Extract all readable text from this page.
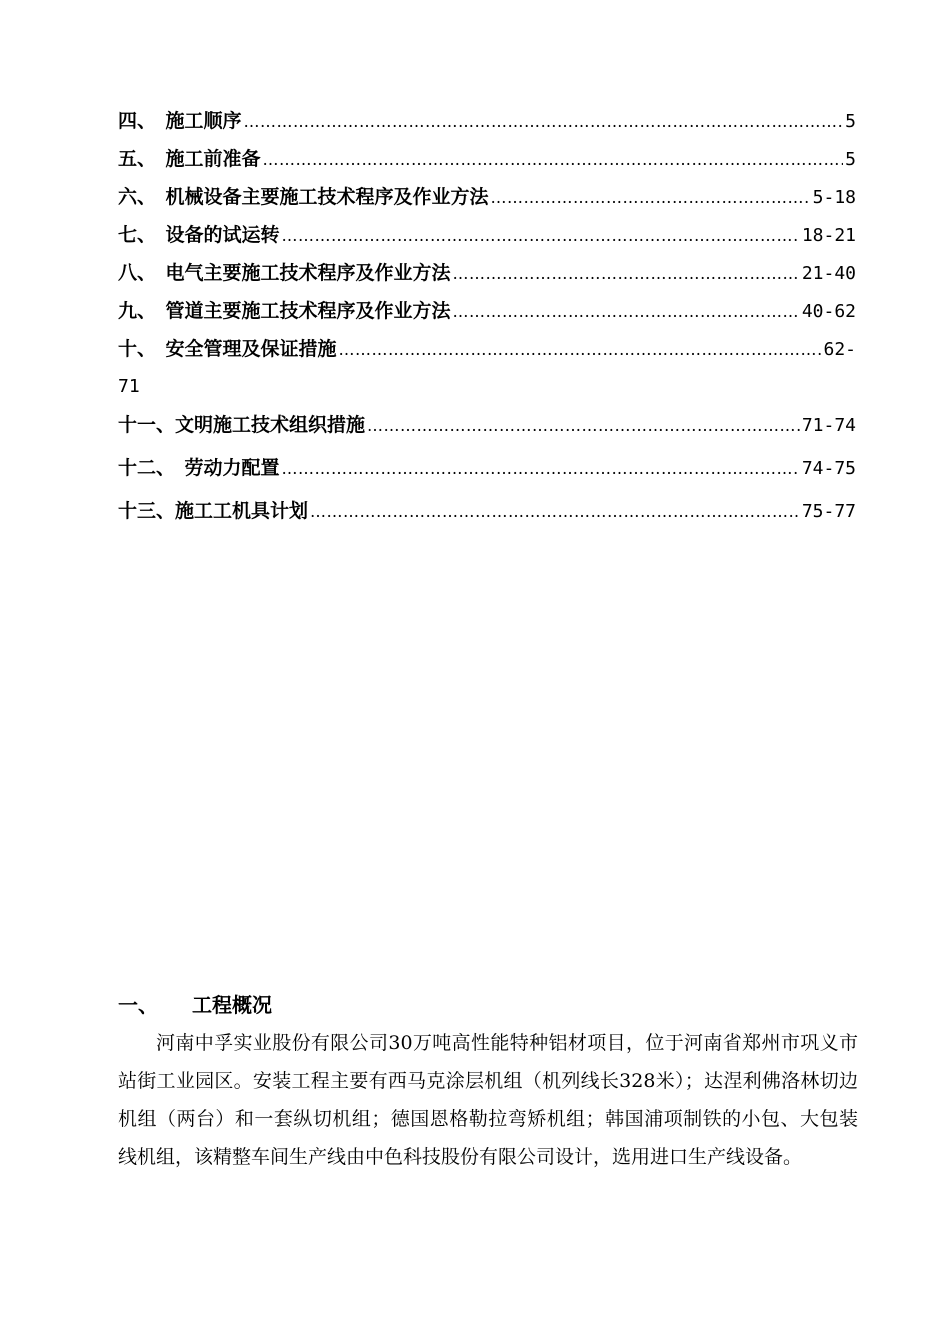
四、　 施工顺序 …………………………………………………………………………………………………………………………………………………………………………………………………	5
五、　 施工前准备 …………………………………………………………………………………………………………………………………………………………………………………………………	5
六、　 机械设备主要施工技术程序及作业方法 …………………………………………………………………………………………………………………………………………………………………………………………………	5-18
七、　 设备的试运转 …………………………………………………………………………………………………………………………………………………………………………………………………	18-21
八、　 电气主要施工技术程序及作业方法 …………………………………………………………………………………………………………………………………………………………………………………………………	21-40
九、　 管道主要施工技术程序及作业方法 …………………………………………………………………………………………………………………………………………………………………………………………………	40-62
十、　 安全管理及保证措施 …………………………………………………………………………………………………………………………………………………………………………………………………	62-
71
十一、 文明施工技术组织措施 …………………………………………………………………………………………………………………………………………………………………………………………………	71-74
十二、　 劳动力配置 …………………………………………………………………………………………………………………………………………………………………………………………………	74-75
十三、 施工工机具计划 …………………………………………………………………………………………………………………………………………………………………………………………………	75-77
一、 工程概况

河南中孚实业股份有限公司30万吨高性能特种铝材项目，位于河南省郑州市巩义市站街工业园区。安装工程主要有西马克涂层机组（机列线长328米）；达涅利佛洛林切边机组（两台）和一套纵切机组；德国恩格勒拉弯矫机组；韩国浦项制铁的小包、大包装线机组，该精整车间生产线由中色科技股份有限公司设计，选用进口生产线设备。
